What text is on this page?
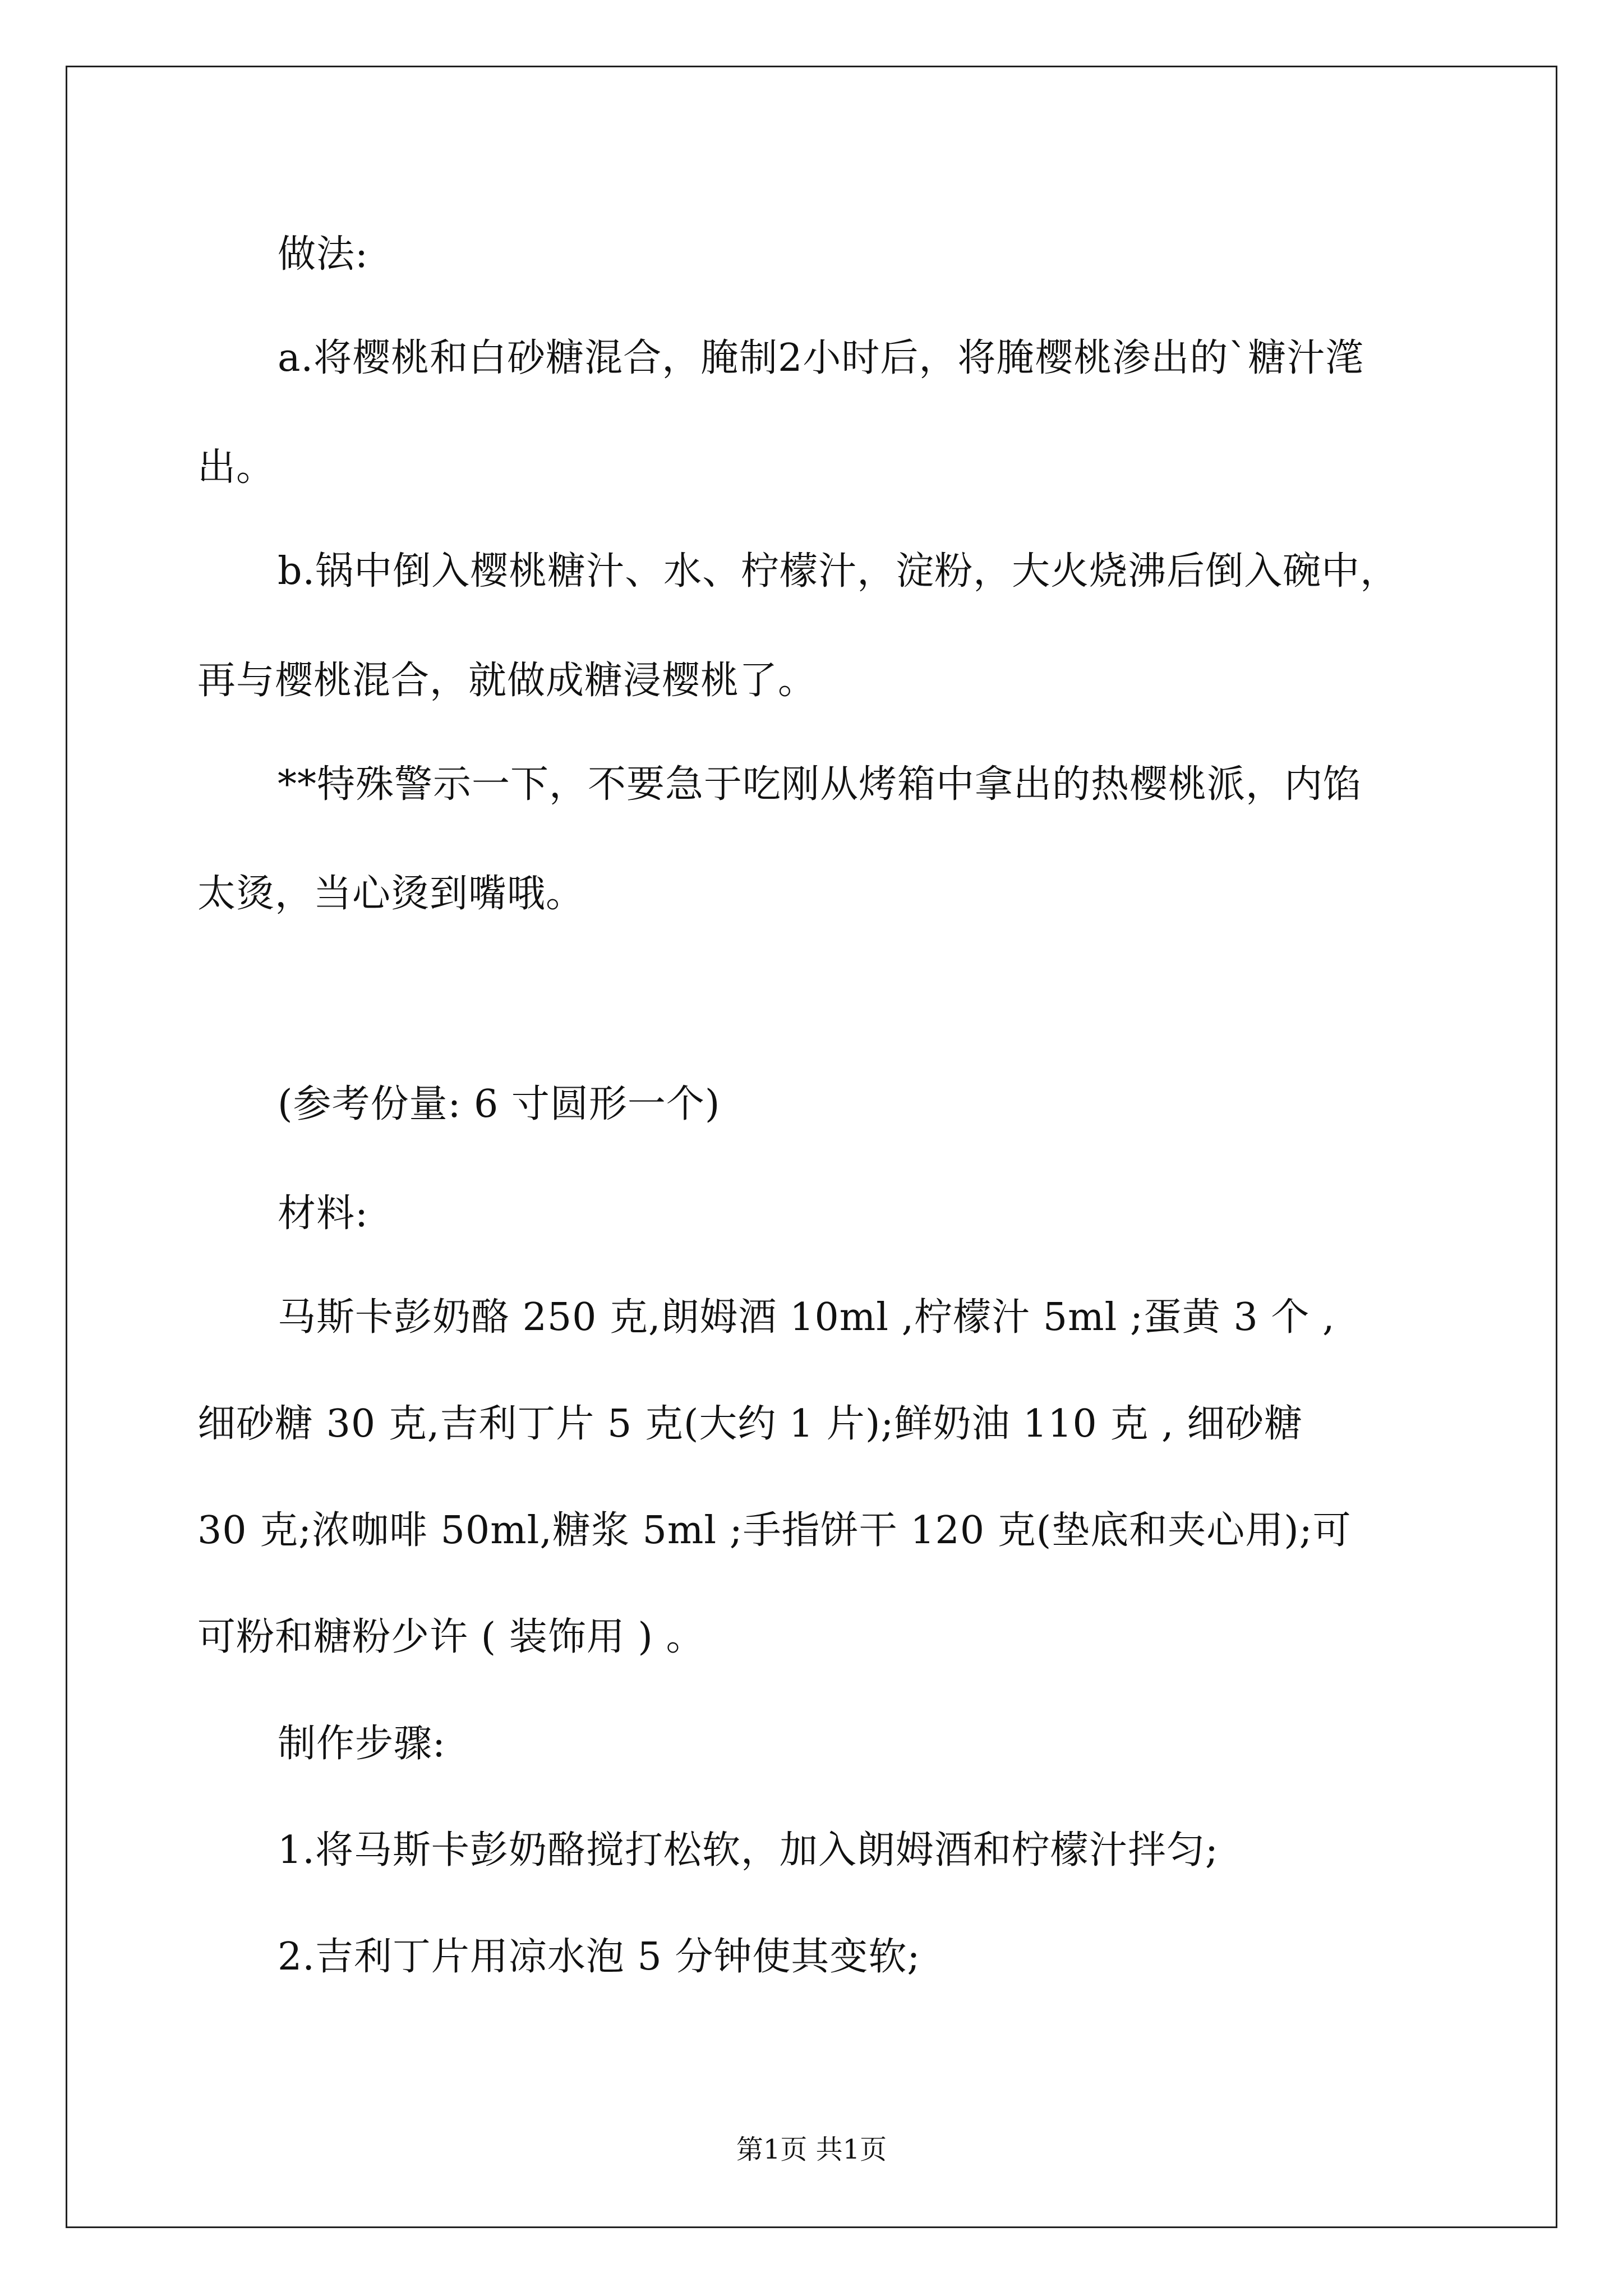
做法:
a.将樱桃和白砂糖混合，腌制2小时后，将腌樱桃渗出的`糖汁滗
出。
b.锅中倒入樱桃糖汁、水、柠檬汁，淀粉，大火烧沸后倒入碗中，
再与樱桃混合，就做成糖浸樱桃了。
**特殊警示一下，不要急于吃刚从烤箱中拿出的热樱桃派，内馅
太烫，当心烫到嘴哦。
(参考份量: 6 寸圆形一个)
材料:
马斯卡彭奶酪 250 克,朗姆酒 10ml ,柠檬汁 5ml ;蛋黄 3 个 ,
细砂糖 30 克,吉利丁片 5 克(大约 1 片);鲜奶油 110 克 , 细砂糖
30 克;浓咖啡 50ml,糖浆 5ml ;手指饼干 120 克(垫底和夹心用);可
可粉和糖粉少许 ( 装饰用 ) 。
制作步骤:
1.将马斯卡彭奶酪搅打松软，加入朗姆酒和柠檬汁拌匀;
2.吉利丁片用凉水泡 5 分钟使其变软;
第1页 共1页
